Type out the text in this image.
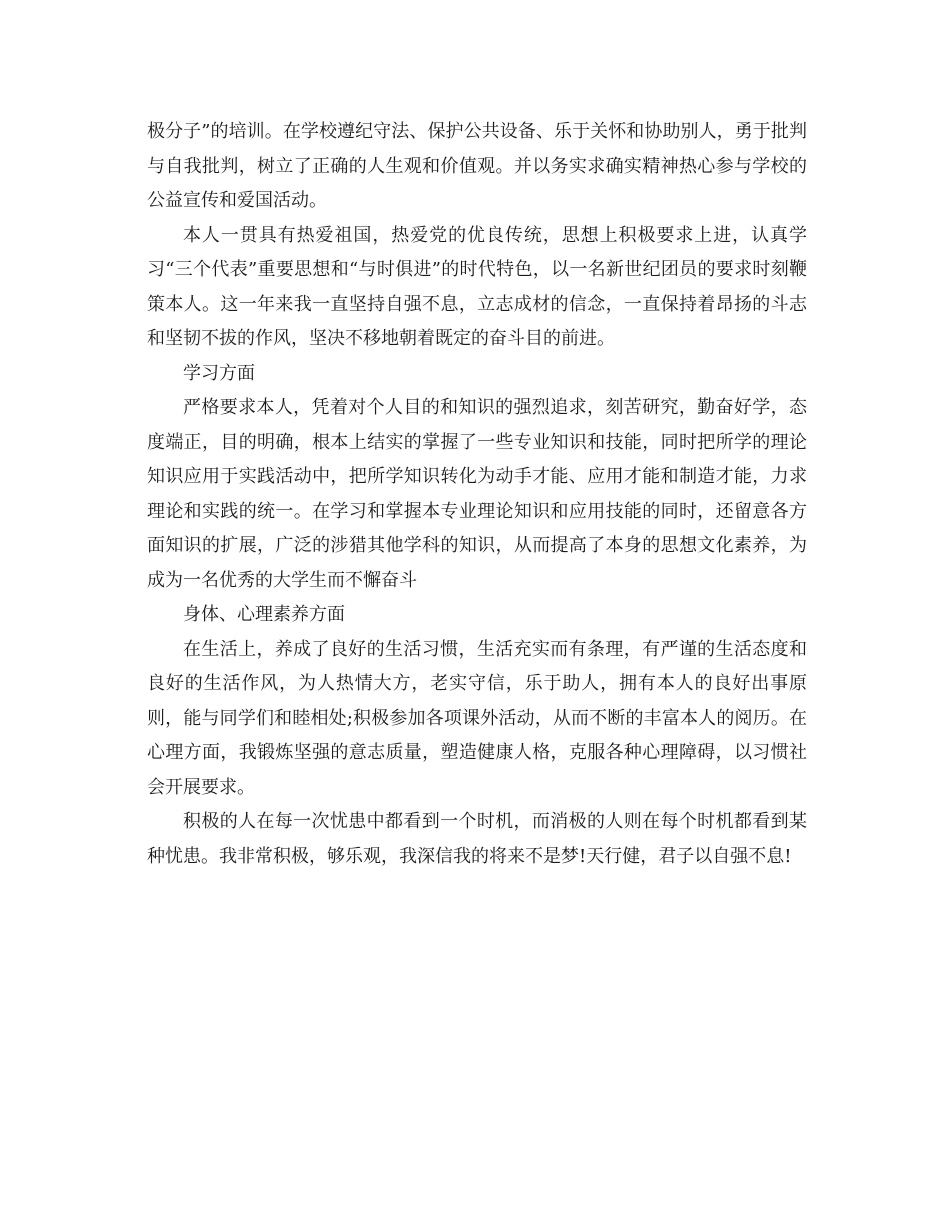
极分子”的培训。在学校遵纪守法、保护公共设备、乐于关怀和协助别人，勇于批判与自我批判，树立了正确的人生观和价值观。并以务实求确实精神热心参与学校的公益宣传和爱国活动。

本人一贯具有热爱祖国，热爱党的优良传统，思想上积极要求上进，认真学习“三个代表”重要思想和“与时俱进”的时代特色，以一名新世纪团员的要求时刻鞭策本人。这一年来我一直坚持自强不息，立志成材的信念，一直保持着昂扬的斗志和坚韧不拔的作风，坚决不移地朝着既定的奋斗目的前进。

学习方面

严格要求本人，凭着对个人目的和知识的强烈追求，刻苦研究，勤奋好学，态度端正，目的明确，根本上结实的掌握了一些专业知识和技能，同时把所学的理论知识应用于实践活动中，把所学知识转化为动手才能、应用才能和制造才能，力求理论和实践的统一。在学习和掌握本专业理论知识和应用技能的同时，还留意各方面知识的扩展，广泛的涉猎其他学科的知识，从而提高了本身的思想文化素养，为成为一名优秀的大学生而不懈奋斗

身体、心理素养方面

在生活上，养成了良好的生活习惯，生活充实而有条理，有严谨的生活态度和良好的生活作风，为人热情大方，老实守信，乐于助人，拥有本人的良好出事原则，能与同学们和睦相处;积极参加各项课外活动，从而不断的丰富本人的阅历。在心理方面，我锻炼坚强的意志质量，塑造健康人格，克服各种心理障碍，以习惯社会开展要求。

积极的人在每一次忧患中都看到一个时机，而消极的人则在每个时机都看到某种忧患。我非常积极，够乐观，我深信我的将来不是梦!天行健，君子以自强不息!
